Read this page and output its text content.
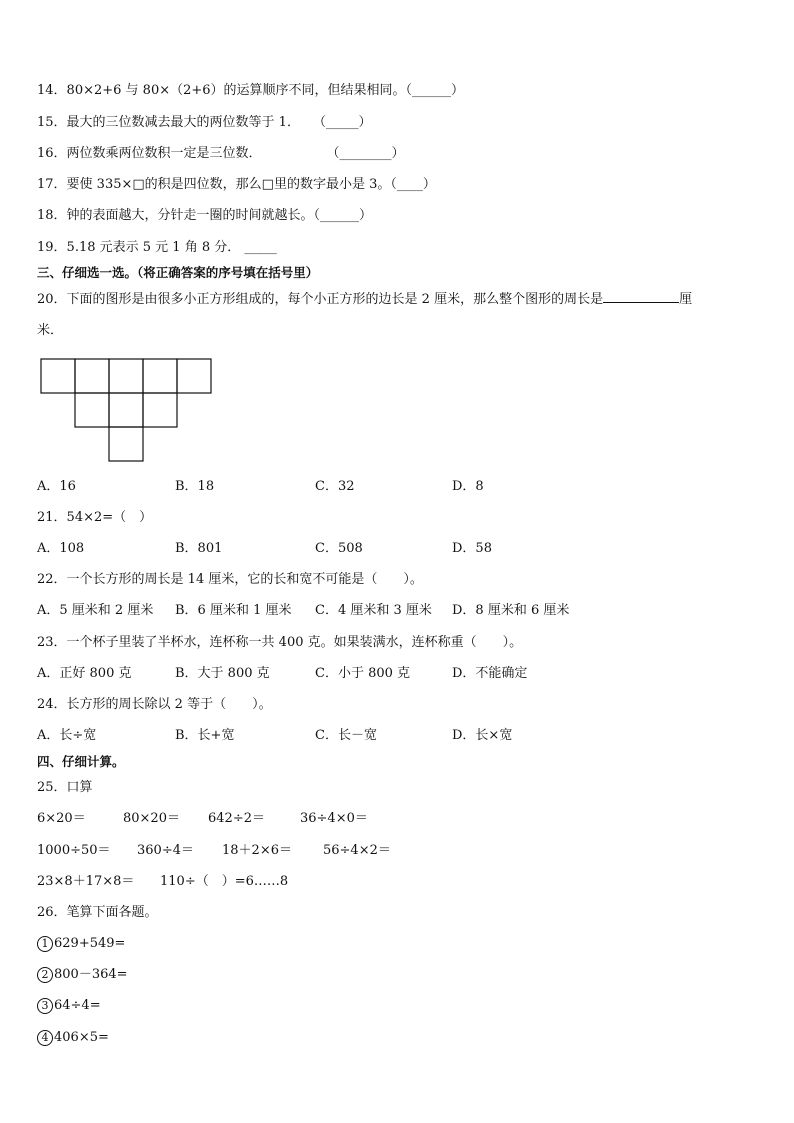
14．80×2+6 与 80×（2+6）的运算顺序不同，但结果相同。（______）
15．最大的三位数减去最大的两位数等于 1．　　（_____）
16．两位数乘两位数积一定是三位数．　　　　　　（________）
17．要使 335×□的积是四位数，那么□里的数字最小是 3。（____）
18．钟的表面越大，分针走一圈的时间就越长。（______）
19．5.18 元表示 5 元 1 角 8 分． _____
三、仔细选一选。（将正确答案的序号填在括号里）
20．下面的图形是由很多小正方形组成的，每个小正方形的边长是 2 厘米，那么整个图形的周长是	厘
米．
A．16	B．18	C．32	D．8
21．54×2=（　）
A．108	B．801	C．508	D．58
22．一个长方形的周长是 14 厘米，它的长和宽不可能是（　　）。
A．5 厘米和 2 厘米 B．6 厘米和 1 厘米 C．4 厘米和 3 厘米 D．8 厘米和 6 厘米
23．一个杯子里装了半杯水，连杯称一共 400 克。如果装满水，连杯称重（　　）。
A．正好 800 克	B．大于 800 克	C．小于 800 克	D．不能确定
24．长方形的周长除以 2 等于（　　）。
A．长÷宽	B．长+宽	C．长－宽	D．长×宽
四、仔细计算。
25．口算
6×20＝	80×20＝ 642÷2＝	36÷4×0＝
1000÷50＝ 360÷4＝ 18＋2×6＝ 56÷4×2＝
23×8＋17×8＝ 110÷（　）=6……8
26．笔算下面各题。
1 629+549=
2 800－364=
3 64÷4=
4 406×5=
